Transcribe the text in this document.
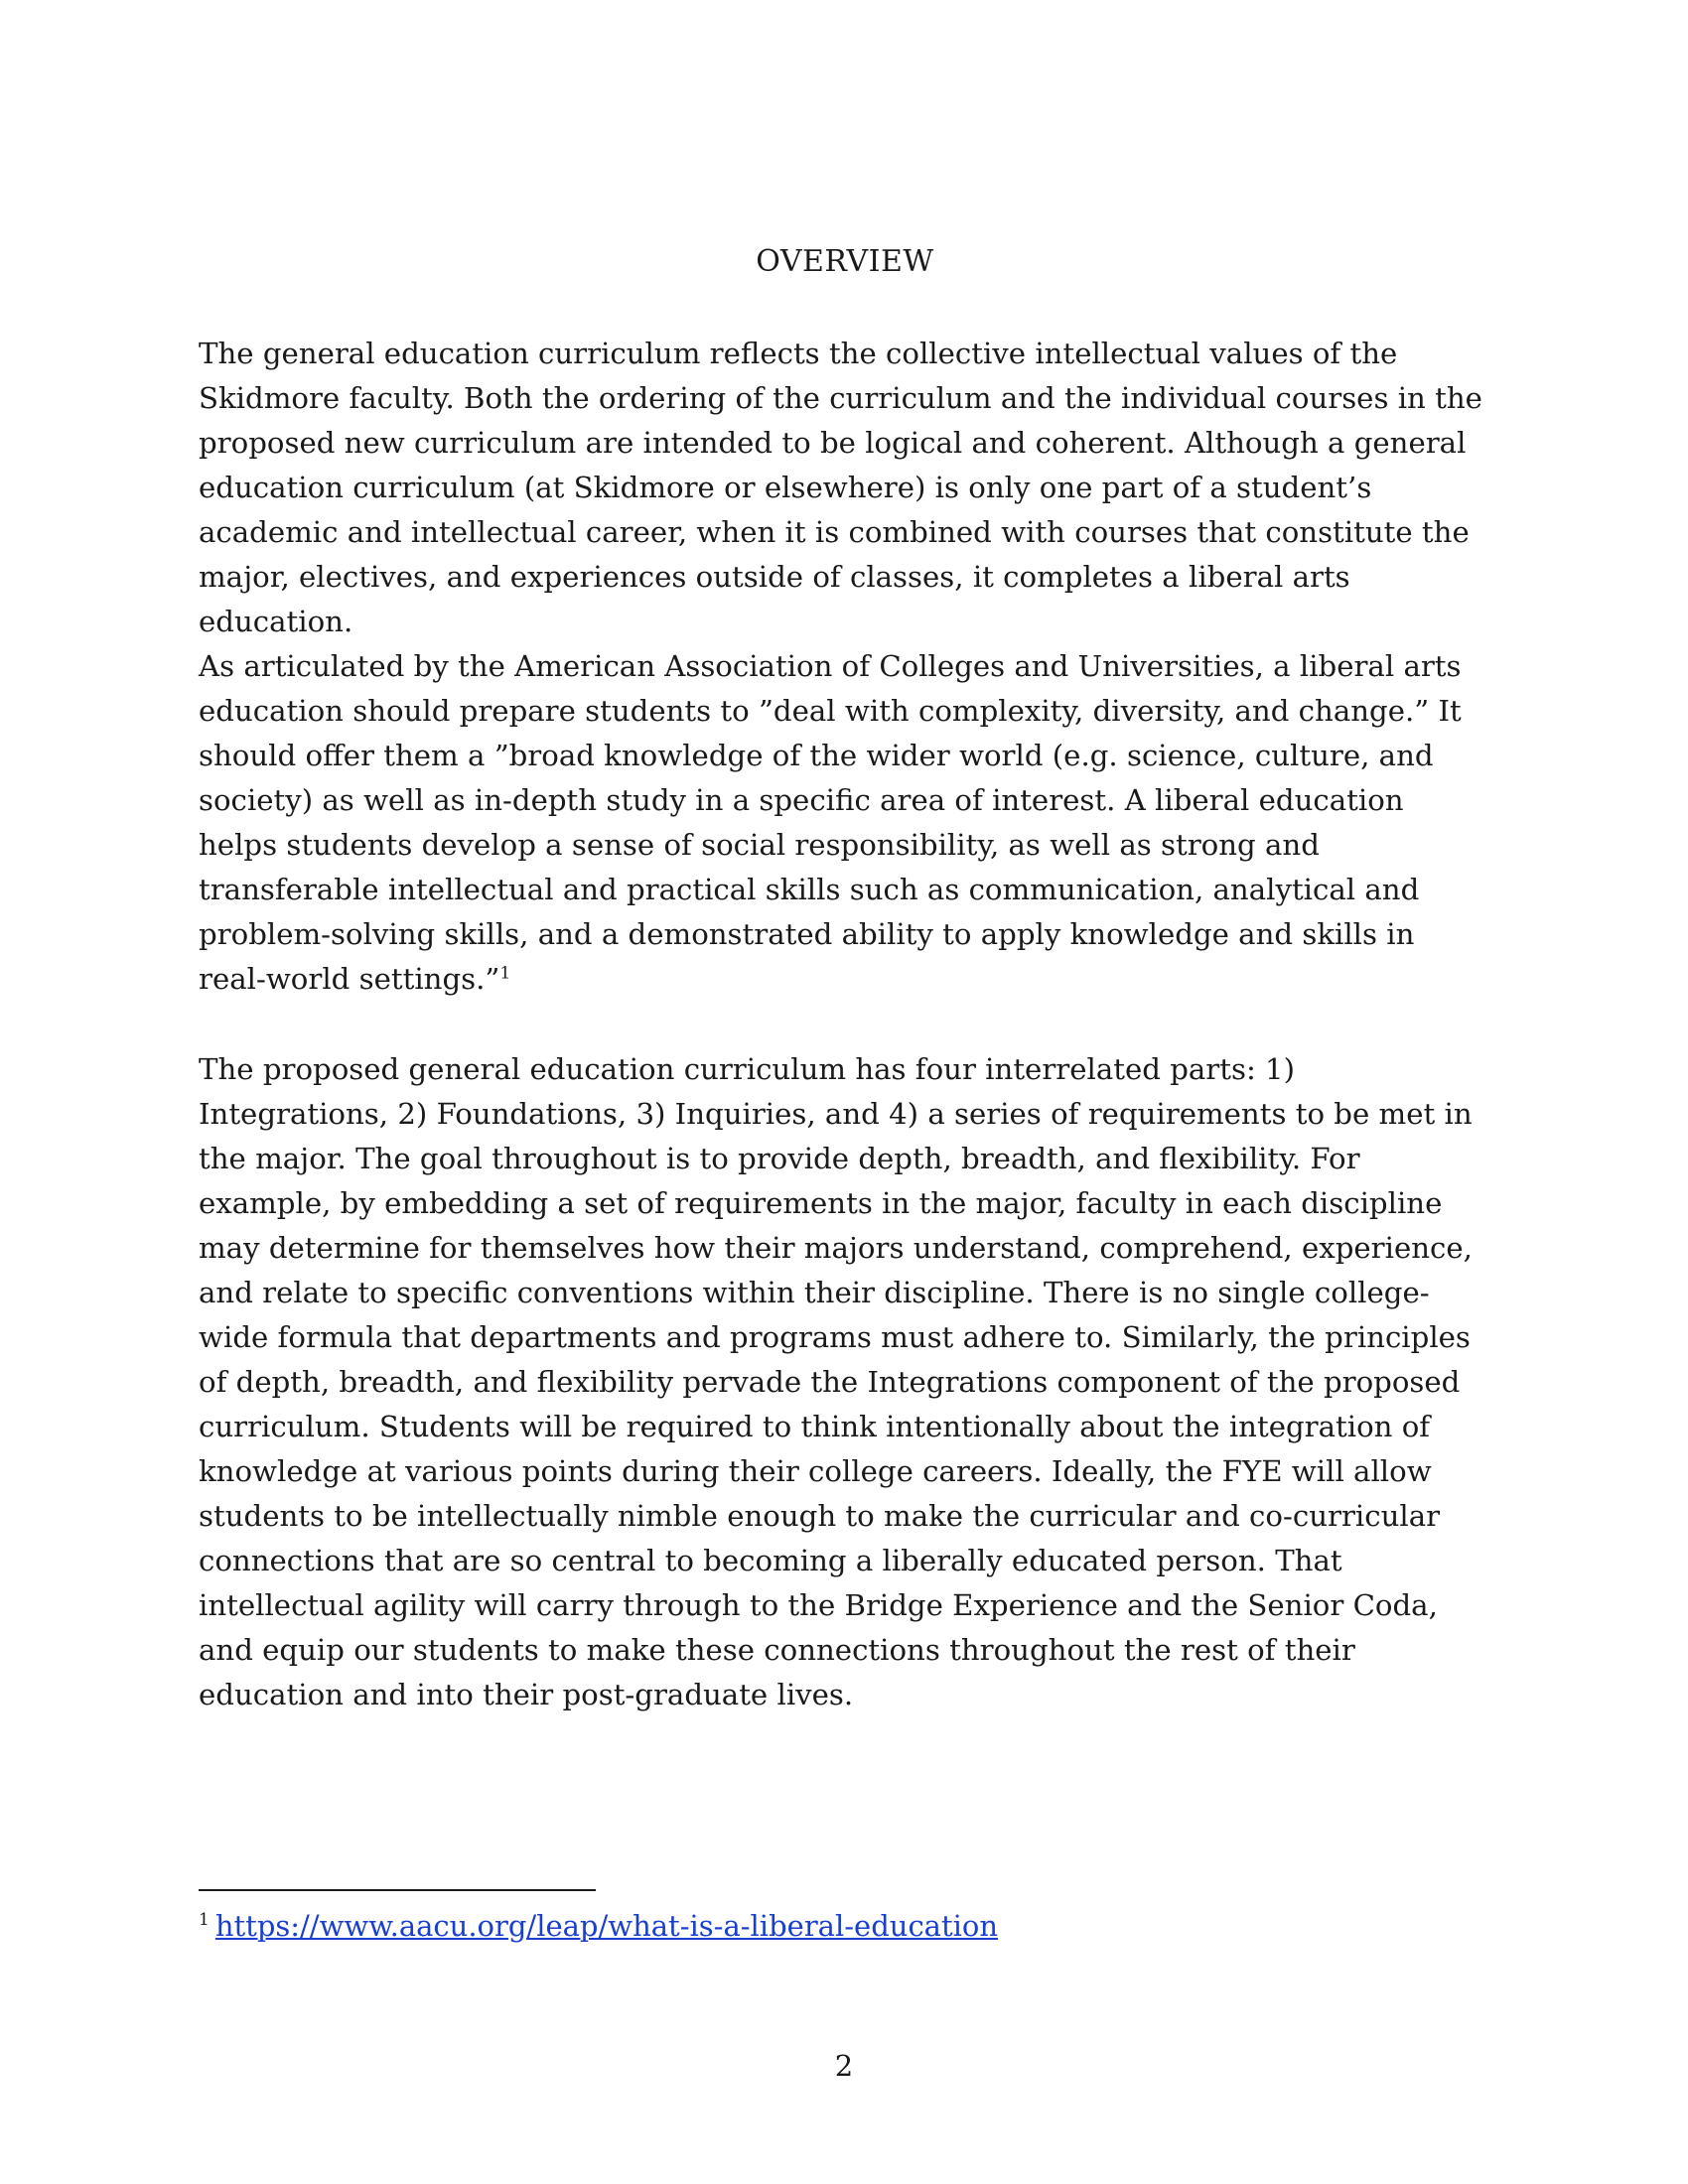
OVERVIEW

The general education curriculum reflects the collective intellectual values of the Skidmore faculty. Both the ordering of the curriculum and the individual courses in the proposed new curriculum are intended to be logical and coherent. Although a general education curriculum (at Skidmore or elsewhere) is only one part of a student’s academic and intellectual career, when it is combined with courses that constitute the major, electives, and experiences outside of classes, it completes a liberal arts education.

As articulated by the American Association of Colleges and Universities, a liberal arts education should prepare students to ”deal with complexity, diversity, and change.” It should offer them a ”broad knowledge of the wider world (e.g. science, culture, and society) as well as in-depth study in a specific area of interest. A liberal education helps students develop a sense of social responsibility, as well as strong and transferable intellectual and practical skills such as communication, analytical and problem-solving skills, and a demonstrated ability to apply knowledge and skills in real-world settings.”$^1$

The proposed general education curriculum has four interrelated parts: 1) Integrations, 2) Foundations, 3) Inquiries, and 4) a series of requirements to be met in the major. The goal throughout is to provide depth, breadth, and flexibility. For example, by embedding a set of requirements in the major, faculty in each discipline may determine for themselves how their majors understand, comprehend, experience, and relate to specific conventions within their discipline. There is no single college-wide formula that departments and programs must adhere to. Similarly, the principles of depth, breadth, and flexibility pervade the Integrations component of the proposed curriculum. Students will be required to think intentionally about the integration of knowledge at various points during their college careers. Ideally, the FYE will allow students to be intellectually nimble enough to make the curricular and co-curricular connections that are so central to becoming a liberally educated person. That intellectual agility will carry through to the Bridge Experience and the Senior Coda, and equip our students to make these connections throughout the rest of their education and into their post-graduate lives.

$^1$ https://www.aacu.org/leap/what-is-a-liberal-education
2
